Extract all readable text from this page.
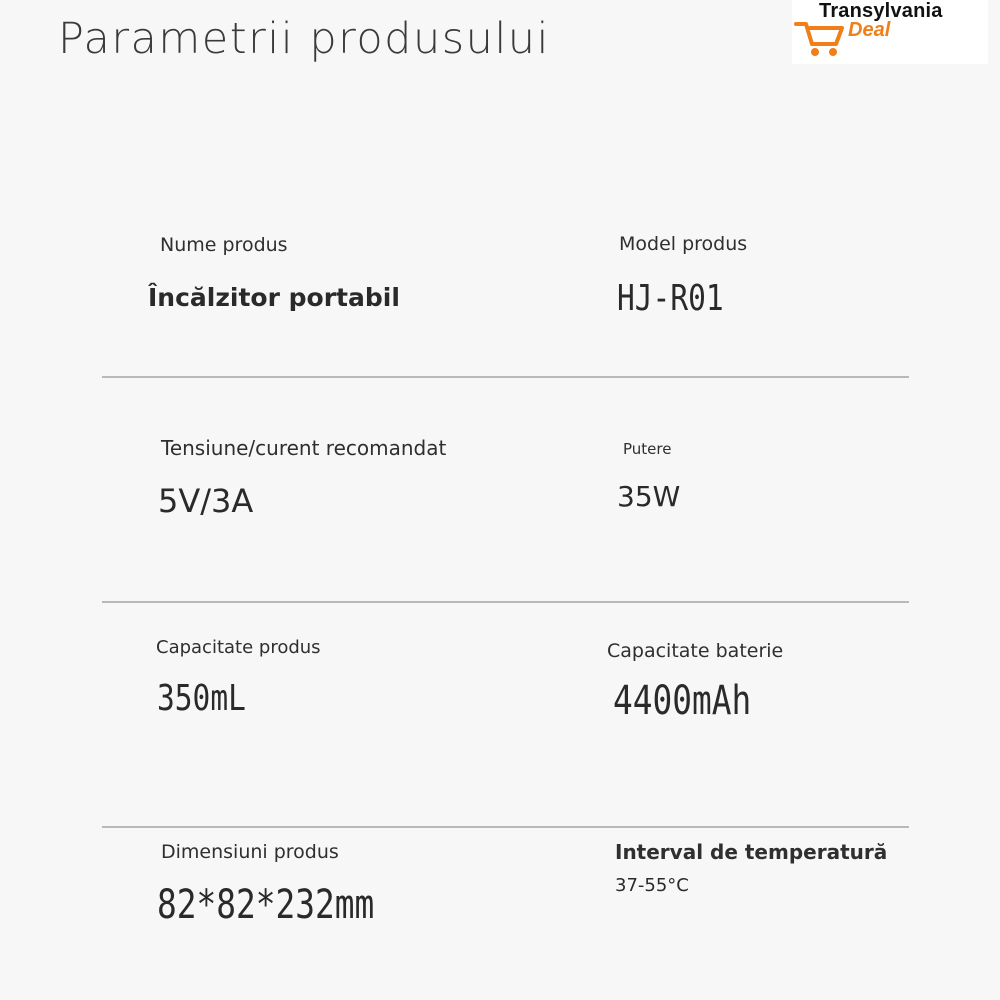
Parametrii produsului
Transylvania
Deal
Nume produs
Încălzitor portabil
Model produs
HJ-R01
Tensiune/curent recomandat
5V/3A
Putere
35W
Capacitate produs
350mL
Capacitate baterie
4400mAh
Dimensiuni produs
82*82*232mm
Interval de temperatură
37-55°C
